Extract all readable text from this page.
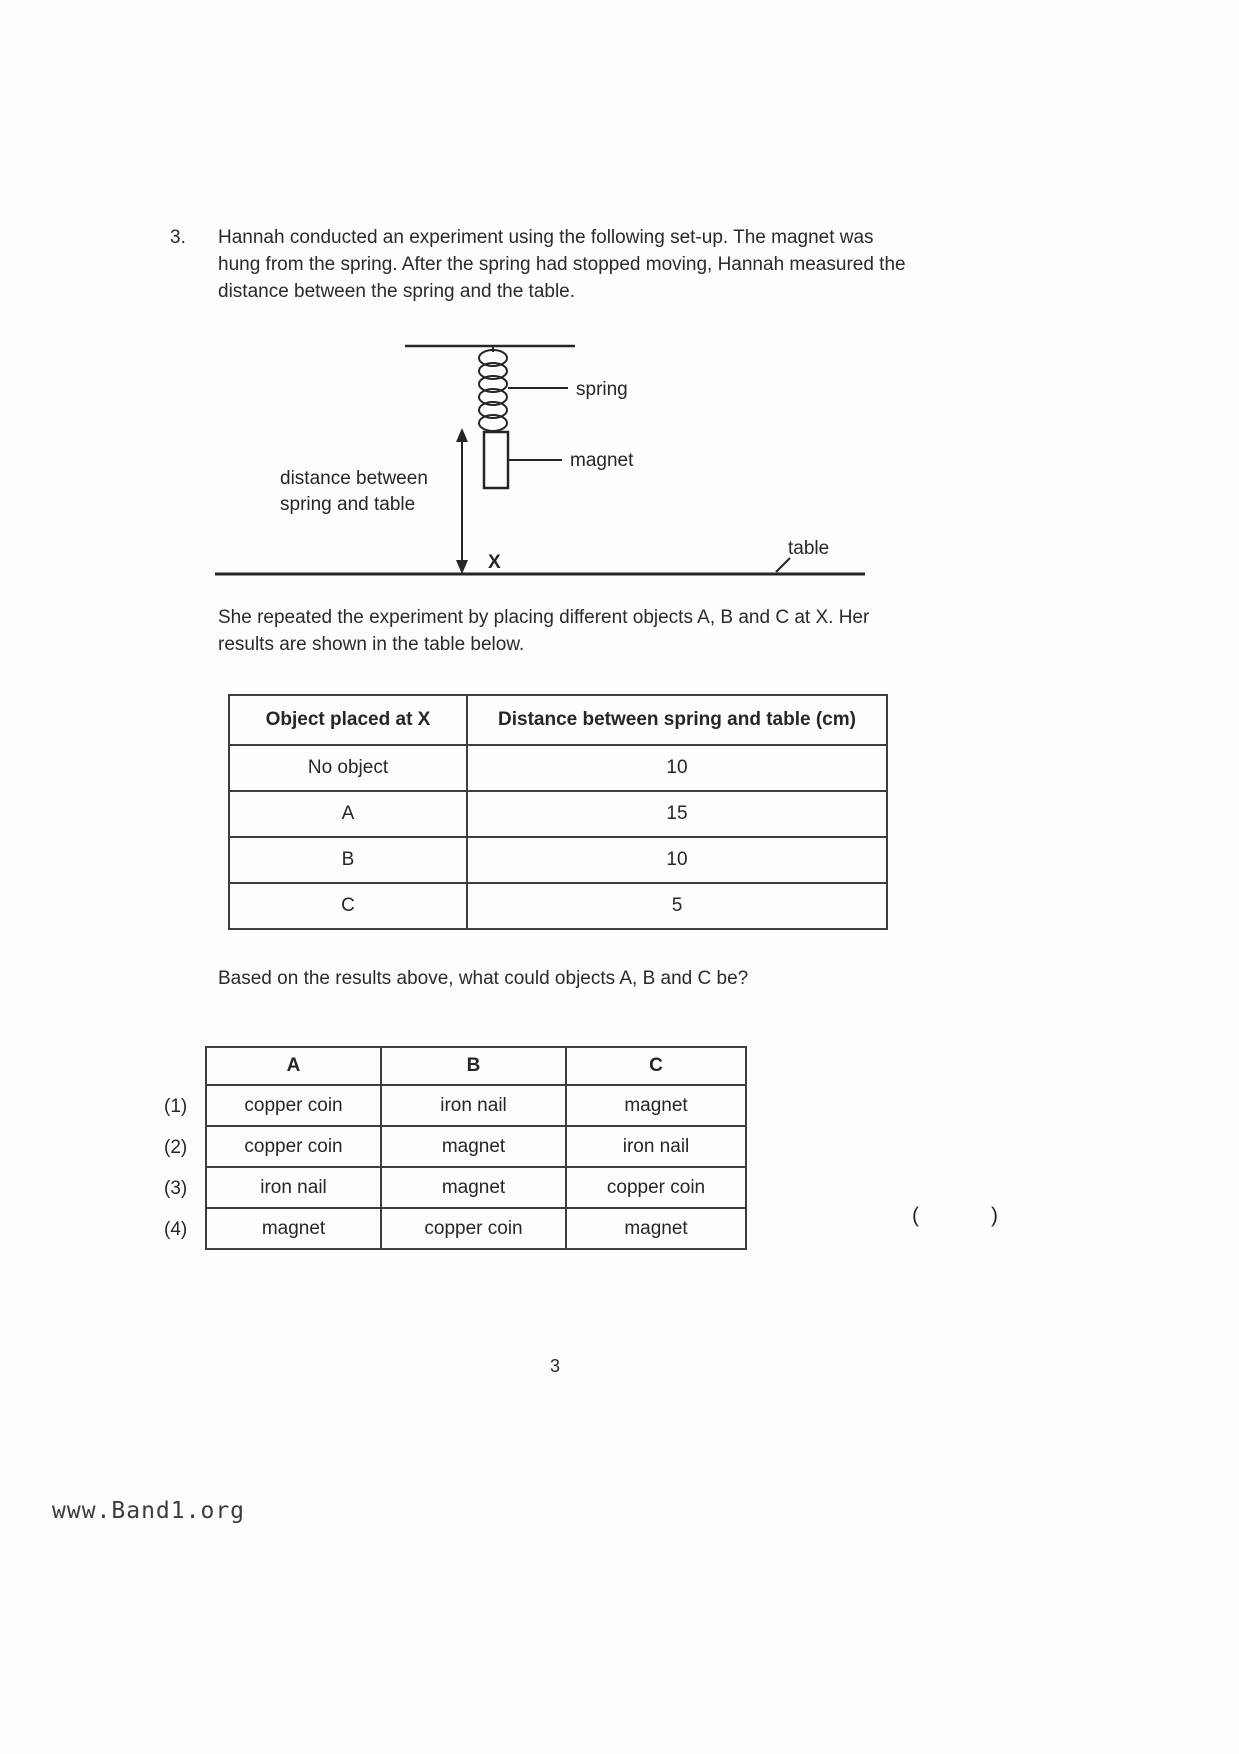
3.	Hannah conducted an experiment using the following set-up. The magnet was hung from the spring. After the spring had stopped moving, Hannah measured the distance between the spring and the table.
spring
magnet
distance between
spring and table
X
table
She repeated the experiment by placing different objects A, B and C at X. Her results are shown in the table below.
Object placed at X	Distance between spring and table (cm)
No object	10
A	15
B	10
C	5
Based on the results above, what could objects A, B and C be?
(1)
(2)
(3)
(4)
A	B	C
copper coin	iron nail	magnet
copper coin	magnet	iron nail
iron nail	magnet	copper coin
magnet	copper coin	magnet
(	)
3
www.Band1.org
